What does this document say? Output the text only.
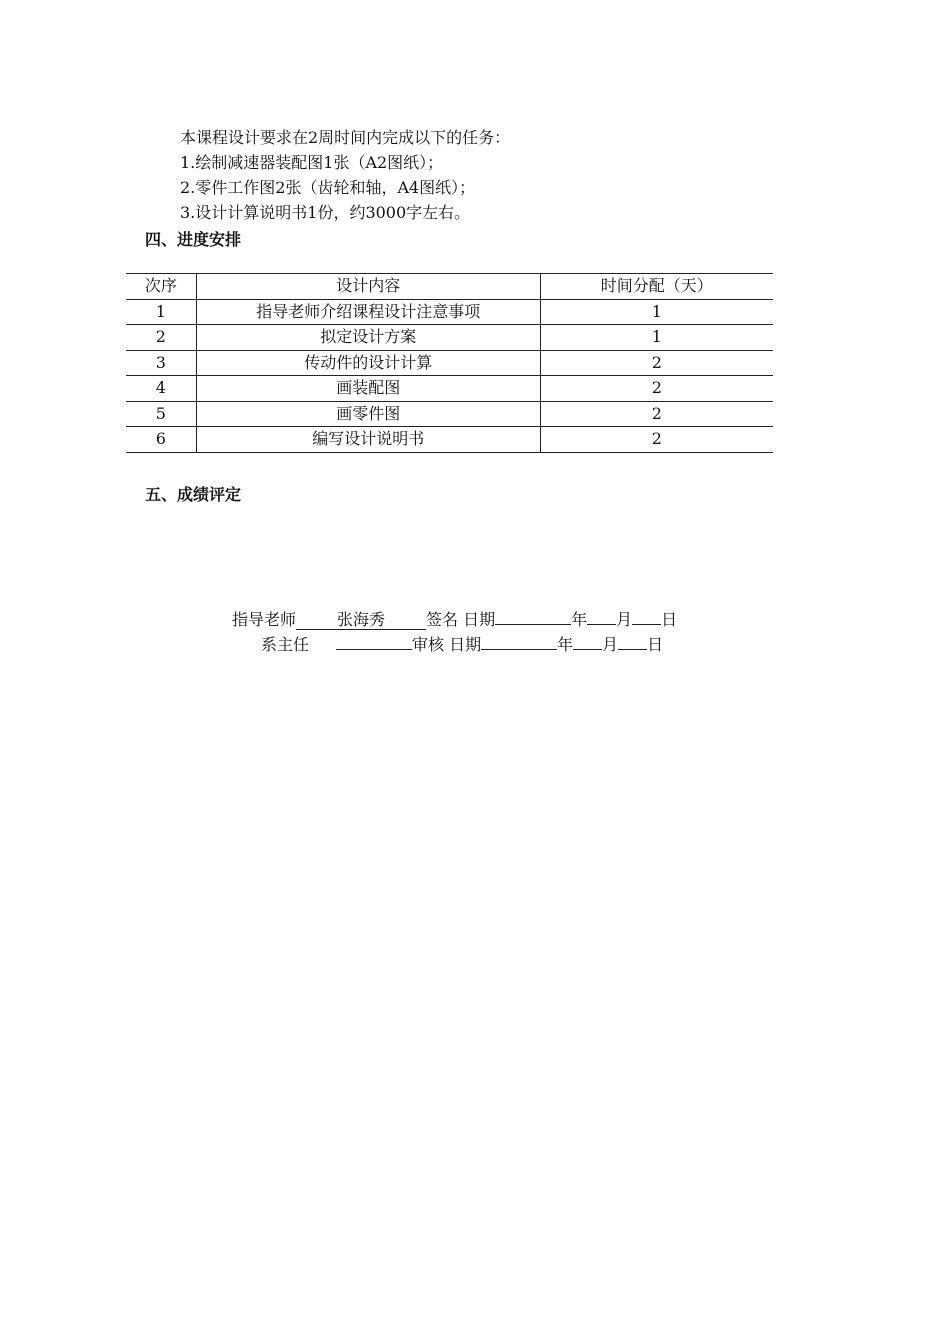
本课程设计要求在2周时间内完成以下的任务：
1.绘制减速器装配图1张（A2图纸）；
2.零件工作图2张（齿轮和轴，A4图纸）；
3.设计计算说明书1份，约3000字左右。
四、进度安排
次序	设计内容	时间分配（天）
1	指导老师介绍课程设计注意事项	1
2	拟定设计方案	1
3	传动件的设计计算	2
4	画装配图	2
5	画零件图	2
6	编写设计说明书	2
五、成绩评定
指导老师	张海秀	签名 日期	年 月 日
系主任	审核 日期	年 月 日
